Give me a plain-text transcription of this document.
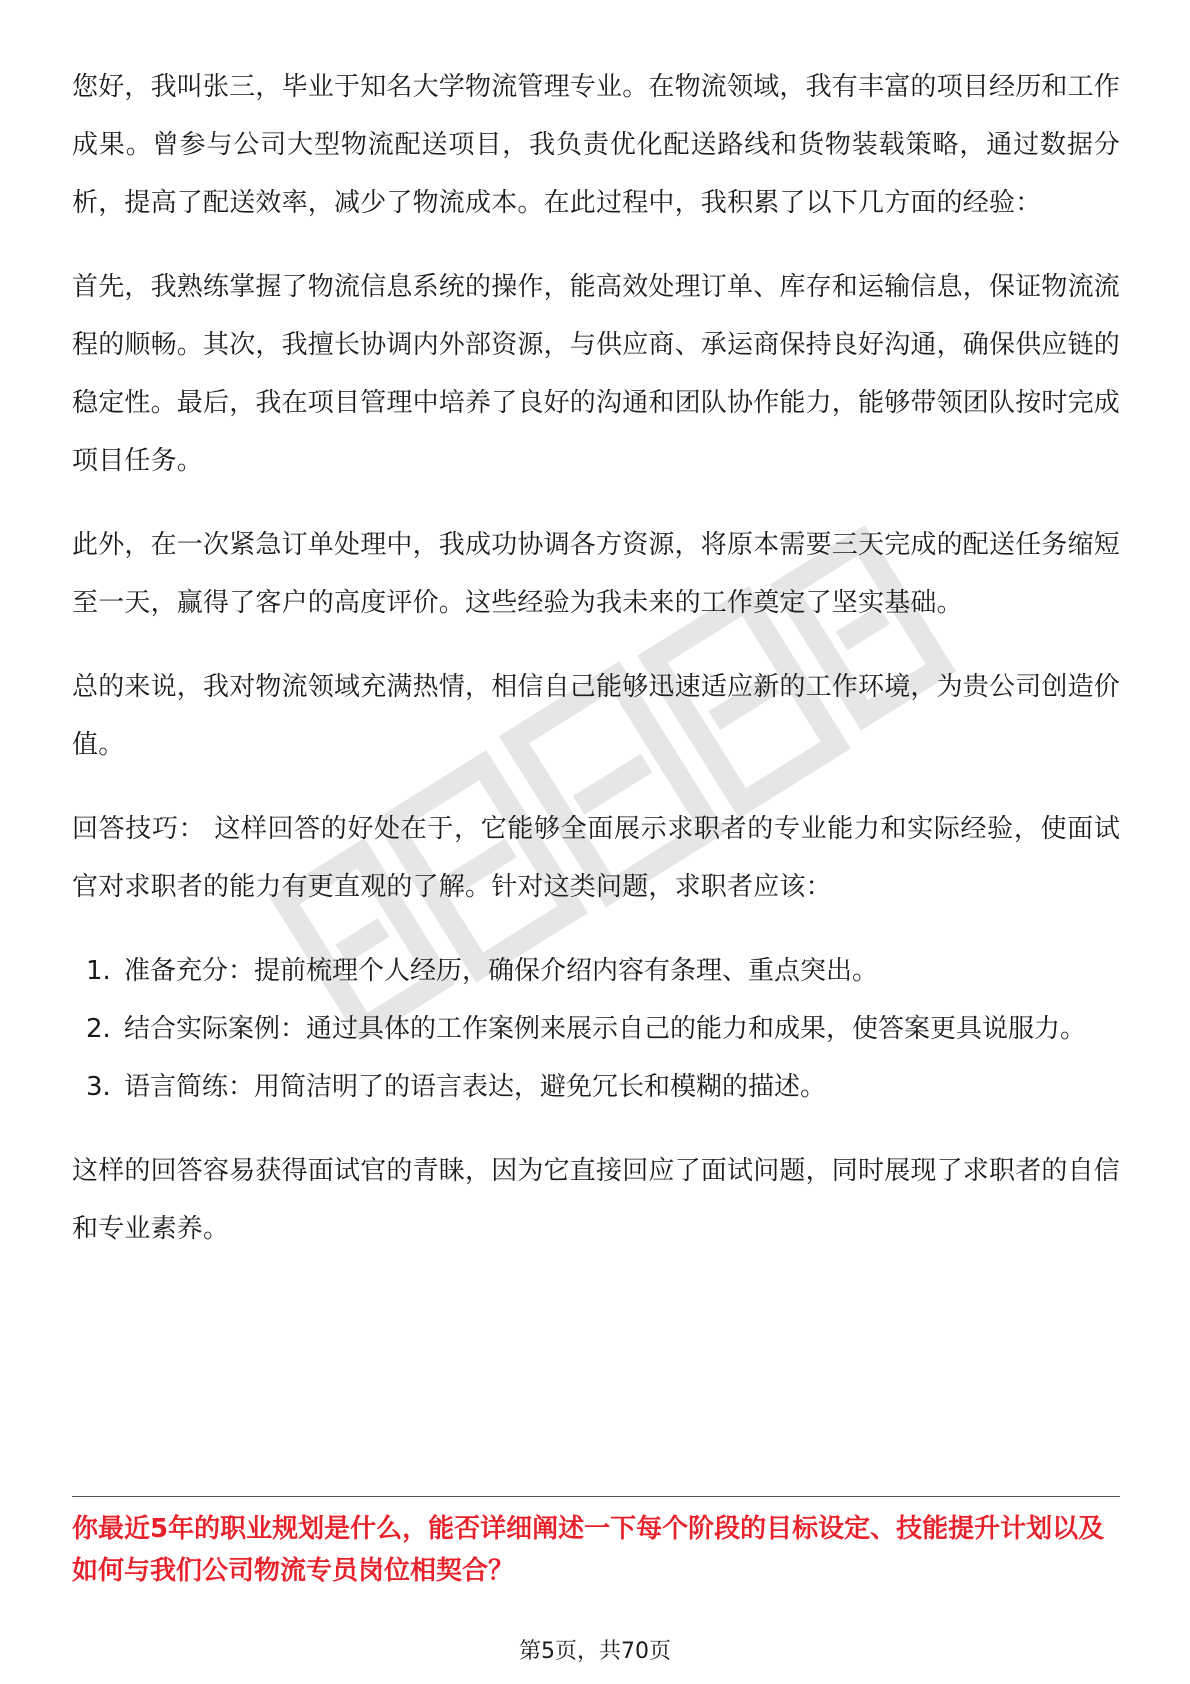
您好，我叫张三，毕业于知名大学物流管理专业。在物流领域，我有丰富的项目经历和工作成果。曾参与公司大型物流配送项目，我负责优化配送路线和货物装载策略，通过数据分析，提高了配送效率，减少了物流成本。在此过程中，我积累了以下几方面的经验：

首先，我熟练掌握了物流信息系统的操作，能高效处理订单、库存和运输信息，保证物流流程的顺畅。其次，我擅长协调内外部资源，与供应商、承运商保持良好沟通，确保供应链的稳定性。最后，我在项目管理中培养了良好的沟通和团队协作能力，能够带领团队按时完成项目任务。

此外，在一次紧急订单处理中，我成功协调各方资源，将原本需要三天完成的配送任务缩短至一天，赢得了客户的高度评价。这些经验为我未来的工作奠定了坚实基础。

总的来说，我对物流领域充满热情，相信自己能够迅速适应新的工作环境，为贵公司创造价值。

回答技巧： 这样回答的好处在于，它能够全面展示求职者的专业能力和实际经验，使面试官对求职者的能力有更直观的了解。针对这类问题，求职者应该：

1. 准备充分：提前梳理个人经历，确保介绍内容有条理、重点突出。
2. 结合实际案例：通过具体的工作案例来展示自己的能力和成果，使答案更具说服力。
3. 语言简练：用简洁明了的语言表达，避免冗长和模糊的描述。

这样的回答容易获得面试官的青睐，因为它直接回应了面试问题，同时展现了求职者的自信和专业素养。

你最近5年的职业规划是什么，能否详细阐述一下每个阶段的目标设定、技能提升计划以及如何与我们公司物流专员岗位相契合？
第5页，共70页
